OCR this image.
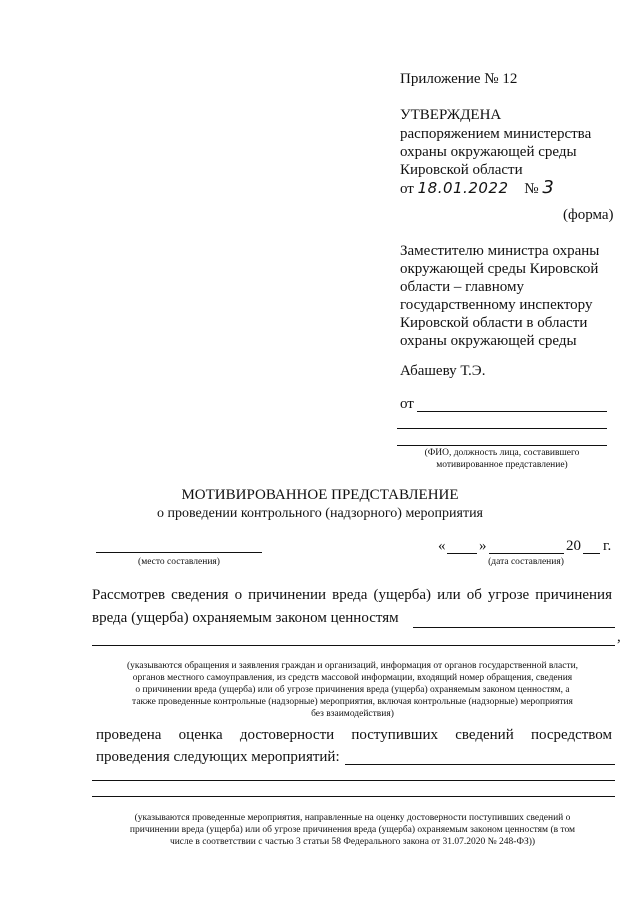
Приложение № 12
УТВЕРЖДЕНА
распоряжением министерства
охраны окружающей среды
Кировской области
от 18.01.2022 № 3
(форма)
Заместителю министра охраны
окружающей среды Кировской
области – главному
государственному инспектору
Кировской области в области
охраны окружающей среды
Абашеву Т.Э.
от
(ФИО, должность лица, составившего
мотивированное представление)
МОТИВИРОВАННОЕ ПРЕДСТАВЛЕНИЕ
о проведении контрольного (надзорного) мероприятия
(место составления)
« »	20 г.
(дата составления)
Рассмотрев сведения о причинении вреда (ущерба) или об угрозе причинения
вреда (ущерба) охраняемым законом ценностям
,
(указываются обращения и заявления граждан и организаций, информация от органов государственной власти,
органов местного самоуправления, из средств массовой информации, входящий номер обращения, сведения
о причинении вреда (ущерба) или об угрозе причинения вреда (ущерба) охраняемым законом ценностям, а
также проведенные контрольные (надзорные) мероприятия, включая контрольные (надзорные) мероприятия
без взаимодействия)
проведена оценка достоверности поступивших сведений посредством
проведения следующих мероприятий:
(указываются проведенные мероприятия, направленные на оценку достоверности поступивших сведений о
причинении вреда (ущерба) или об угрозе причинения вреда (ущерба) охраняемым законом ценностям (в том
числе в соответствии с частью 3 статьи 58 Федерального закона от 31.07.2020 № 248-ФЗ))
